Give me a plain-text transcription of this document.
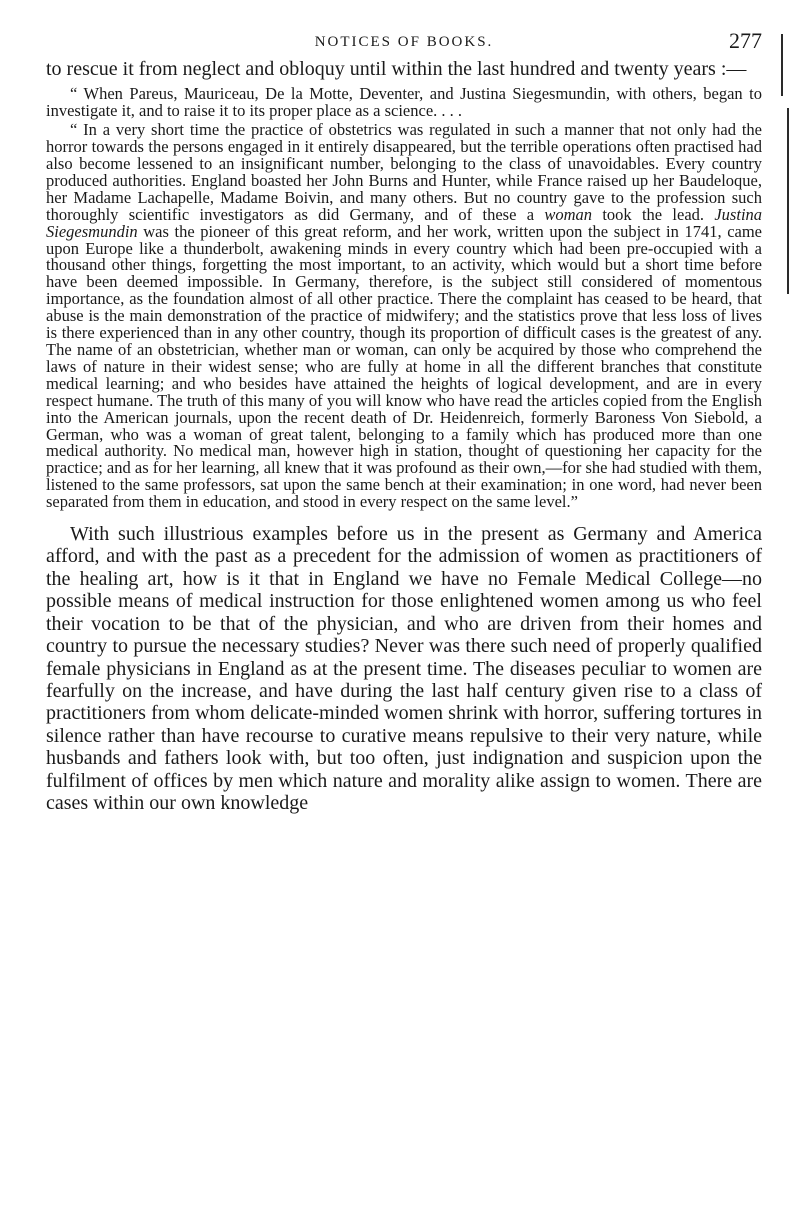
NOTICES OF BOOKS.	277

to rescue it from neglect and obloquy until within the last hundred and twenty years :—

“ When Pareus, Mauriceau, De la Motte, Deventer, and Justina Siegesmundin, with others, began to investigate it, and to raise it to its proper place as a science. . . .

“ In a very short time the practice of obstetrics was regulated in such a manner that not only had the horror towards the persons engaged in it entirely disappeared, but the terrible operations often practised had also become lessened to an insignificant number, belonging to the class of unavoidables. Every country produced authorities. England boasted her John Burns and Hunter, while France raised up her Baudeloque, her Madame Lachapelle, Madame Boivin, and many others. But no country gave to the profession such thoroughly scientific investigators as did Germany, and of these a woman took the lead. Justina Siegesmundin was the pioneer of this great reform, and her work, written upon the subject in 1741, came upon Europe like a thunderbolt, awakening minds in every country which had been pre-occupied with a thousand other things, forgetting the most important, to an activity, which would but a short time before have been deemed impossible. In Germany, therefore, is the subject still considered of momentous importance, as the foundation almost of all other practice. There the complaint has ceased to be heard, that abuse is the main demonstration of the practice of midwifery; and the statistics prove that less loss of lives is there experienced than in any other country, though its proportion of difficult cases is the greatest of any. The name of an obstetrician, whether man or woman, can only be acquired by those who comprehend the laws of nature in their widest sense; who are fully at home in all the different branches that constitute medical learning; and who besides have attained the heights of logical development, and are in every respect humane. The truth of this many of you will know who have read the articles copied from the English into the American journals, upon the recent death of Dr. Heidenreich, formerly Baroness Von Siebold, a German, who was a woman of great talent, belonging to a family which has produced more than one medical authority. No medical man, however high in station, thought of questioning her capacity for the practice; and as for her learning, all knew that it was profound as their own,—for she had studied with them, listened to the same professors, sat upon the same bench at their examination; in one word, had never been separated from them in education, and stood in every respect on the same level.”

With such illustrious examples before us in the present as Germany and America afford, and with the past as a precedent for the admission of women as practitioners of the healing art, how is it that in England we have no Female Medical College—no possible means of medical instruction for those enlightened women among us who feel their vocation to be that of the physician, and who are driven from their homes and country to pursue the necessary studies? Never was there such need of properly qualified female physicians in England as at the present time. The diseases peculiar to women are fearfully on the increase, and have during the last half century given rise to a class of practitioners from whom delicate-minded women shrink with horror, suffering tortures in silence rather than have recourse to curative means repulsive to their very nature, while husbands and fathers look with, but too often, just indignation and suspicion upon the fulfilment of offices by men which nature and morality alike assign to women. There are cases within our own knowledge
